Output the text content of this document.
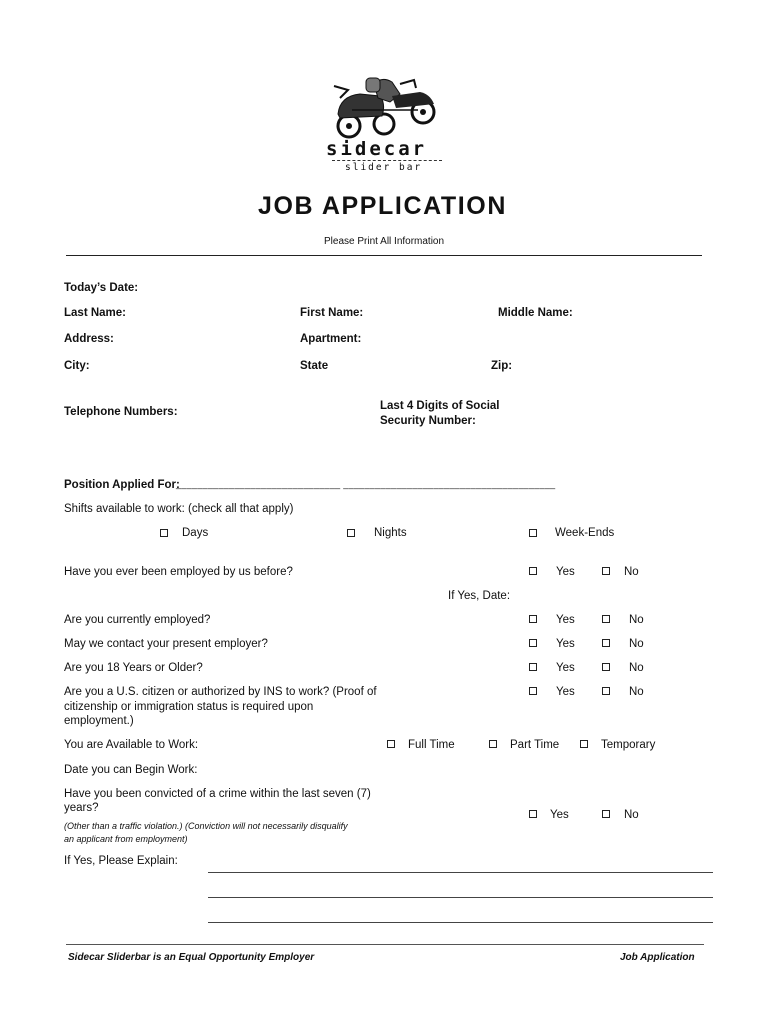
sidecar
slider bar
JOB APPLICATION
Please Print All Information
Today’s Date:
Last Name:	First Name:	Middle Name:
Address:	Apartment:
City:	State	Zip:
Telephone Numbers:	Last 4 Digits of Social
Security Number:
Position Applied For:
_______________________________ ________________________________________
Shifts available to work: (check all that apply)
Days	Nights	Week-Ends
Have you ever been employed by us before?	Yes	No
If Yes, Date:
Are you currently employed?	Yes	No
May we contact your present employer?	Yes	No
Are you 18 Years or Older?	Yes	No
Are you a U.S. citizen or authorized by INS to work? (Proof of
citizenship or immigration status is required upon
employment.)
Yes	No
You are Available to Work:	Full Time	Part Time	Temporary
Date you can Begin Work:
Have you been convicted of a crime within the last seven (7)
years?
(Other than a traffic violation.) (Conviction will not necessarily disqualify
an applicant from employment)
Yes	No
If Yes, Please Explain:
Sidecar Sliderbar is an Equal Opportunity Employer	Job Application
